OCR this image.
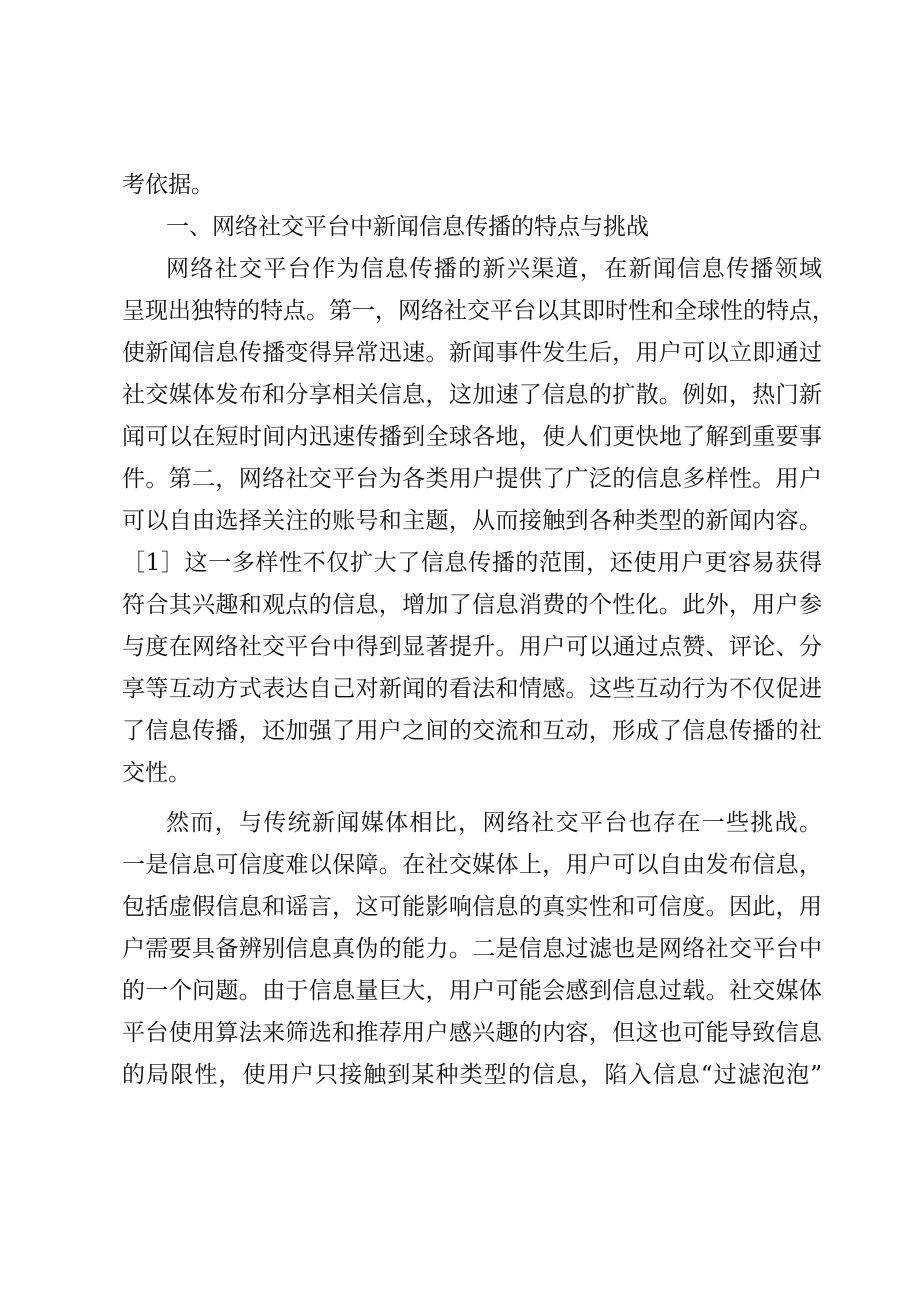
考依据。
一、网络社交平台中新闻信息传播的特点与挑战
网络社交平台作为信息传播的新兴渠道，在新闻信息传播领域
呈现出独特的特点。第一，网络社交平台以其即时性和全球性的特点，
使新闻信息传播变得异常迅速。新闻事件发生后，用户可以立即通过
社交媒体发布和分享相关信息，这加速了信息的扩散。例如，热门新
闻可以在短时间内迅速传播到全球各地，使人们更快地了解到重要事
件。第二，网络社交平台为各类用户提供了广泛的信息多样性。用户
可以自由选择关注的账号和主题，从而接触到各种类型的新闻内容。
［1］这一多样性不仅扩大了信息传播的范围，还使用户更容易获得
符合其兴趣和观点的信息，增加了信息消费的个性化。此外，用户参
与度在网络社交平台中得到显著提升。用户可以通过点赞、评论、分
享等互动方式表达自己对新闻的看法和情感。这些互动行为不仅促进
了信息传播，还加强了用户之间的交流和互动，形成了信息传播的社
交性。
然而，与传统新闻媒体相比，网络社交平台也存在一些挑战。
一是信息可信度难以保障。在社交媒体上，用户可以自由发布信息，
包括虚假信息和谣言，这可能影响信息的真实性和可信度。因此，用
户需要具备辨别信息真伪的能力。二是信息过滤也是网络社交平台中
的一个问题。由于信息量巨大，用户可能会感到信息过载。社交媒体
平台使用算法来筛选和推荐用户感兴趣的内容，但这也可能导致信息
的局限性，使用户只接触到某种类型的信息，陷入信息“过滤泡泡”
